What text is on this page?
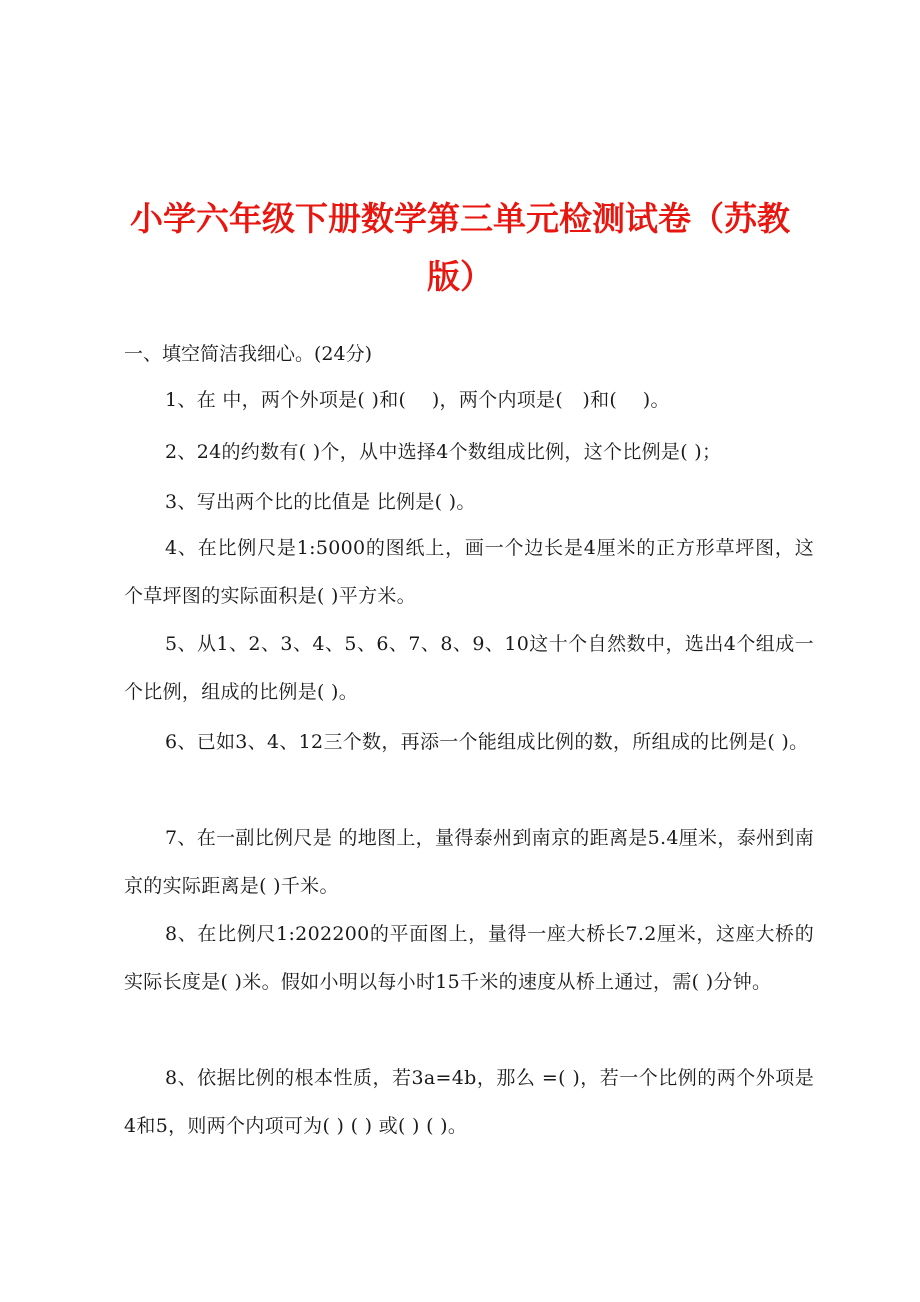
小学六年级下册数学第三单元检测试卷（苏教
版）
一、填空简洁我细心。(24分)
1、在 中，两个外项是( )和(　 )，两个内项是(　)和(　 )。
2、24的约数有( )个，从中选择4个数组成比例，这个比例是( )；
3、写出两个比的比值是 比例是( )。
4、在比例尺是1:5000的图纸上，画一个边长是4厘米的正方形草坪图，这个草坪图的实际面积是( )平方米。
5、从1、2、3、4、5、6、7、8、9、10这十个自然数中，选出4个组成一个比例，组成的比例是( )。
6、已如3、4、12三个数，再添一个能组成比例的数，所组成的比例是( )。
7、在一副比例尺是 的地图上，量得泰州到南京的距离是5.4厘米，泰州到南京的实际距离是( )千米。
8、在比例尺1:202200的平面图上，量得一座大桥长7.2厘米，这座大桥的实际长度是( )米。假如小明以每小时15千米的速度从桥上通过，需( )分钟。
8、依据比例的根本性质，若3a=4b，那么 =( )，若一个比例的两个外项是4和5，则两个内项可为( ) ( ) 或( ) ( )。
